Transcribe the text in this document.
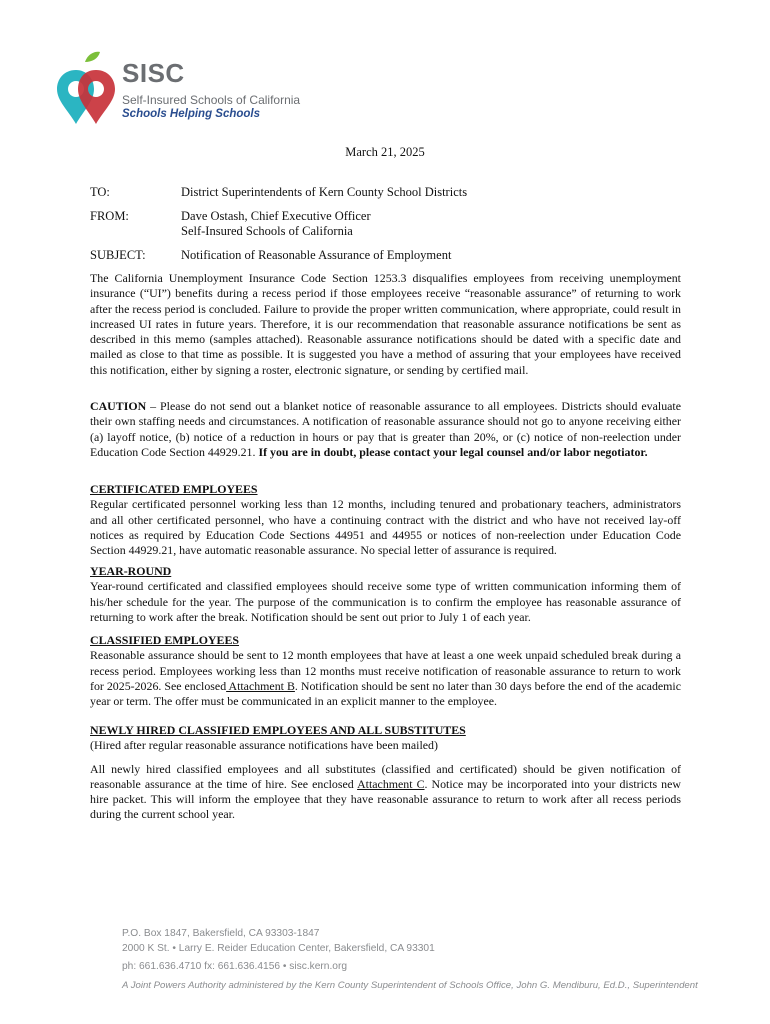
SISC
Self-Insured Schools of California
Schools Helping Schools
March 21, 2025
TO:	District Superintendents of Kern County School Districts
FROM:	Dave Ostash, Chief Executive Officer
Self-Insured Schools of California
SUBJECT:	Notification of Reasonable Assurance of Employment

The California Unemployment Insurance Code Section 1253.3 disqualifies employees from receiving unemployment insurance (“UI”) benefits during a recess period if those employees receive “reasonable assurance” of returning to work after the recess period is concluded. Failure to provide the proper written communication, where appropriate, could result in increased UI rates in future years. Therefore, it is our recommendation that reasonable assurance notifications be sent as described in this memo (samples attached). Reasonable assurance notifications should be dated with a specific date and mailed as close to that time as possible. It is suggested you have a method of assuring that your employees have received this notification, either by signing a roster, electronic signature, or sending by certified mail.

CAUTION – Please do not send out a blanket notice of reasonable assurance to all employees. Districts should evaluate their own staffing needs and circumstances. A notification of reasonable assurance should not go to anyone receiving either (a) layoff notice, (b) notice of a reduction in hours or pay that is greater than 20%, or (c) notice of non-reelection under Education Code Section 44929.21. If you are in doubt, please contact your legal counsel and/or labor negotiator.

CERTIFICATED EMPLOYEES

Regular certificated personnel working less than 12 months, including tenured and probationary teachers, administrators and all other certificated personnel, who have a continuing contract with the district and who have not received lay-off notices as required by Education Code Sections 44951 and 44955 or notices of non-reelection under Education Code Section 44929.21, have automatic reasonable assurance. No special letter of assurance is required.

YEAR-ROUND

Year-round certificated and classified employees should receive some type of written communication informing them of his/her schedule for the year. The purpose of the communication is to confirm the employee has reasonable assurance of returning to work after the break. Notification should be sent out prior to July 1 of each year.

CLASSIFIED EMPLOYEES

Reasonable assurance should be sent to 12 month employees that have at least a one week unpaid scheduled break during a recess period. Employees working less than 12 months must receive notification of reasonable assurance to return to work for 2025-2026. See enclosed Attachment B. Notification should be sent no later than 30 days before the end of the academic year or term. The offer must be communicated in an explicit manner to the employee.

NEWLY HIRED CLASSIFIED EMPLOYEES AND ALL SUBSTITUTES

(Hired after regular reasonable assurance notifications have been mailed)

All newly hired classified employees and all substitutes (classified and certificated) should be given notification of reasonable assurance at the time of hire. See enclosed Attachment C. Notice may be incorporated into your districts new hire packet. This will inform the employee that they have reasonable assurance to return to work after all recess periods during the current school year.

P.O. Box 1847, Bakersfield, CA 93303-1847
2000 K St. • Larry E. Reider Education Center, Bakersfield, CA 93301
ph: 661.636.4710 fx: 661.636.4156 • sisc.kern.org
A Joint Powers Authority administered by the Kern County Superintendent of Schools Office, John G. Mendiburu, Ed.D., Superintendent
